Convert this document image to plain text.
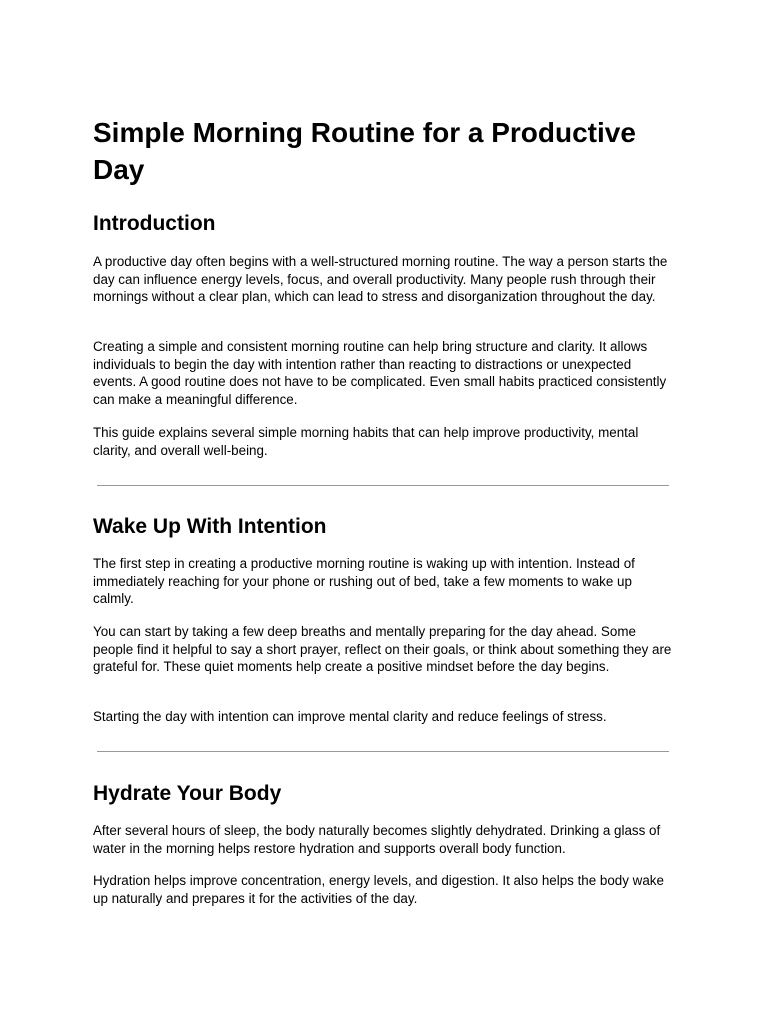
Simple Morning Routine for a Productive Day
Introduction

A productive day often begins with a well-structured morning routine. The way a person starts the day can influence energy levels, focus, and overall productivity. Many people rush through their mornings without a clear plan, which can lead to stress and disorganization throughout the day.

Creating a simple and consistent morning routine can help bring structure and clarity. It allows individuals to begin the day with intention rather than reacting to distractions or unexpected events. A good routine does not have to be complicated. Even small habits practiced consistently can make a meaningful difference.

This guide explains several simple morning habits that can help improve productivity, mental clarity, and overall well-being.

Wake Up With Intention

The first step in creating a productive morning routine is waking up with intention. Instead of immediately reaching for your phone or rushing out of bed, take a few moments to wake up calmly.

You can start by taking a few deep breaths and mentally preparing for the day ahead. Some people find it helpful to say a short prayer, reflect on their goals, or think about something they are grateful for. These quiet moments help create a positive mindset before the day begins.

Starting the day with intention can improve mental clarity and reduce feelings of stress.

Hydrate Your Body

After several hours of sleep, the body naturally becomes slightly dehydrated. Drinking a glass of water in the morning helps restore hydration and supports overall body function.

Hydration helps improve concentration, energy levels, and digestion. It also helps the body wake up naturally and prepares it for the activities of the day.
